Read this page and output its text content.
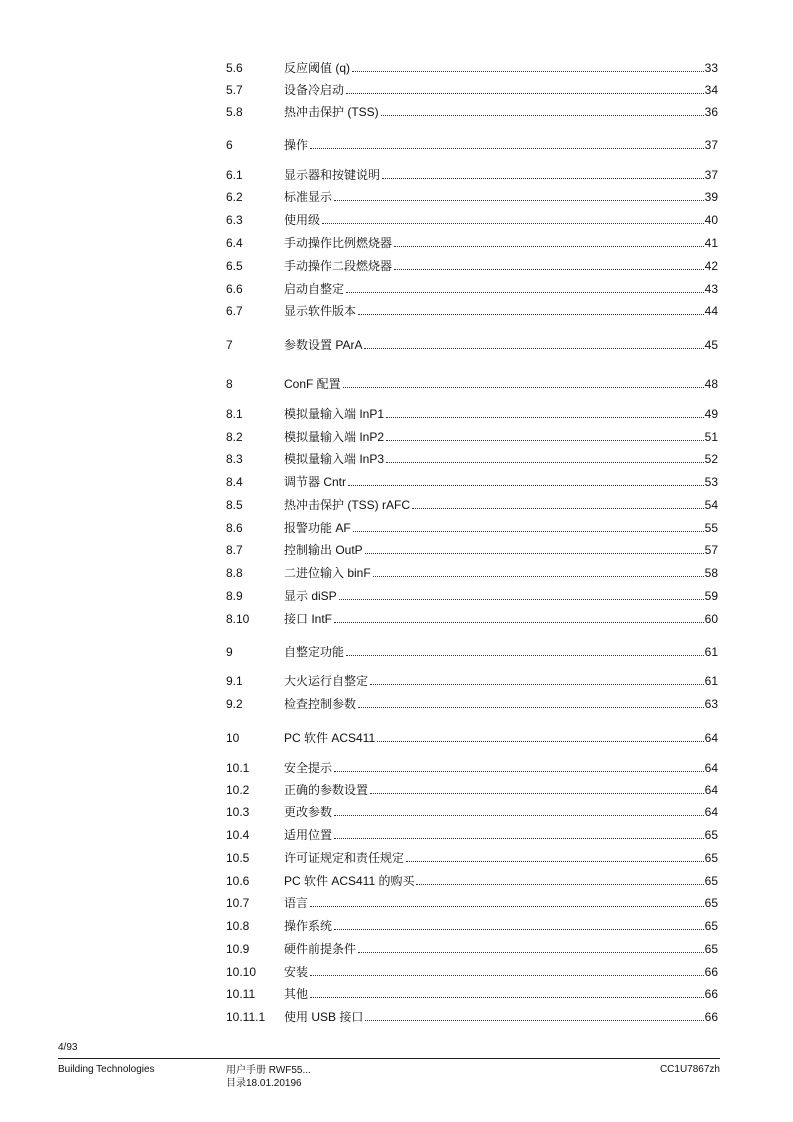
5.6	反应阈值 (q)	33
5.7	设备冷启动	34
5.8	热冲击保护 (TSS)	36
6	操作	37
6.1	显示器和按键说明	37
6.2	标准显示	39
6.3	使用级	40
6.4	手动操作比例燃烧器	41
6.5	手动操作二段燃烧器	42
6.6	启动自整定	43
6.7	显示软件版本	44
7	参数设置 PArA	45
8	ConF 配置	48
8.1	模拟量输入端 InP1	49
8.2	模拟量输入端 InP2	51
8.3	模拟量输入端 InP3	52
8.4	调节器 Cntr	53
8.5	热冲击保护 (TSS) rAFC	54
8.6	报警功能 AF	55
8.7	控制输出 OutP	57
8.8	二进位输入 binF	58
8.9	显示 diSP	59
8.10	接口 IntF	60
9	自整定功能	61
9.1	大火运行自整定	61
9.2	检查控制参数	63
10	PC 软件 ACS411	64
10.1	安全提示	64
10.2	正确的参数设置	64
10.3	更改参数	64
10.4	适用位置	65
10.5	许可证规定和责任规定	65
10.6	PC 软件 ACS411 的购买	65
10.7	语言	65
10.8	操作系统	65
10.9	硬件前提条件	65
10.10 安装	66
10.11 其他	66
10.11.1 使用 USB 接口	66
4/93
Building Technologies	用户手册 RWF55...
目录18.01.20196
CC1U7867zh
